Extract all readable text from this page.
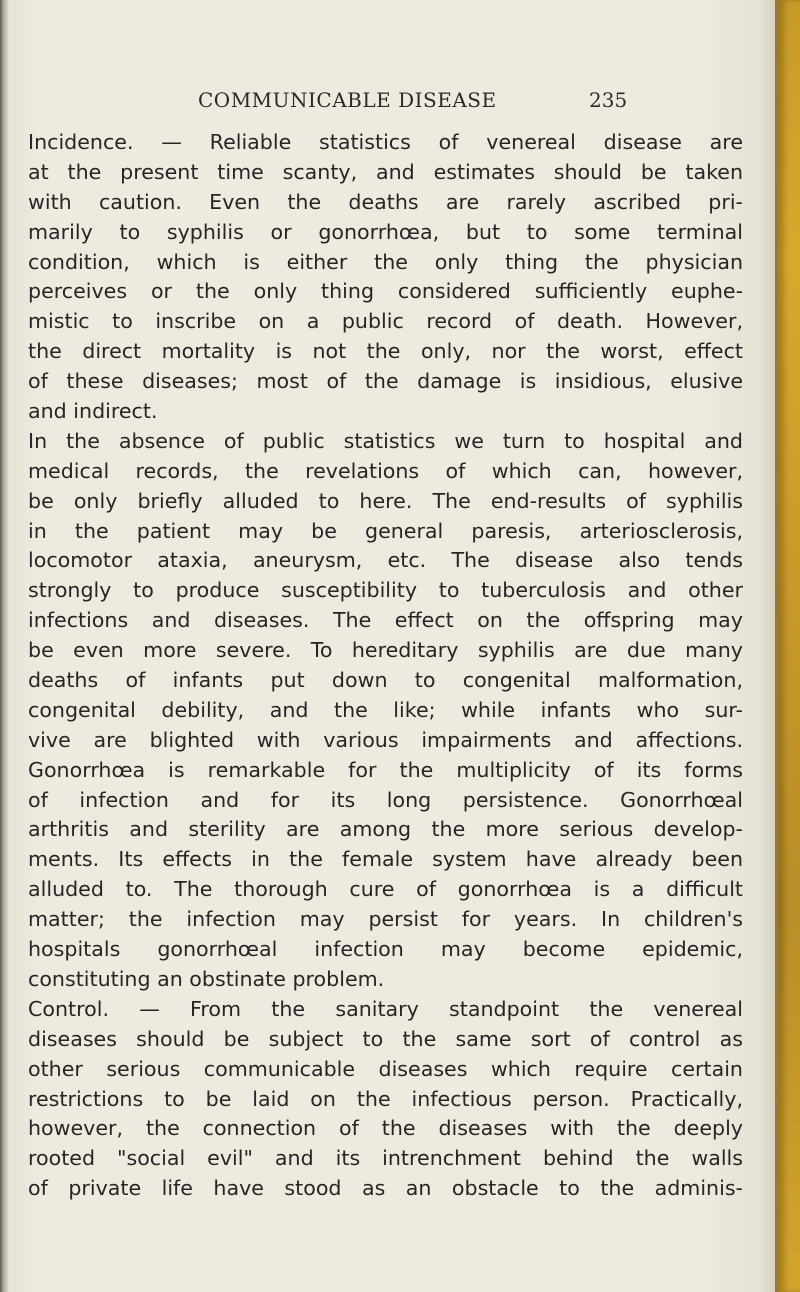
COMMUNICABLE DISEASE	235
Incidence. — Reliable statistics of venereal disease are
at the present time scanty, and estimates should be taken
with caution. Even the deaths are rarely ascribed pri-
marily to syphilis or gonorrhœa, but to some terminal
condition, which is either the only thing the physician
perceives or the only thing considered sufficiently euphe-
mistic to inscribe on a public record of death. However,
the direct mortality is not the only, nor the worst, effect
of these diseases; most of the damage is insidious, elusive
and indirect.
In the absence of public statistics we turn to hospital and
medical records, the revelations of which can, however,
be only briefly alluded to here. The end-results of syphilis
in the patient may be general paresis, arteriosclerosis,
locomotor ataxia, aneurysm, etc. The disease also tends
strongly to produce susceptibility to tuberculosis and other
infections and diseases. The effect on the offspring may
be even more severe. To hereditary syphilis are due many
deaths of infants put down to congenital malformation,
congenital debility, and the like; while infants who sur-
vive are blighted with various impairments and affections.
Gonorrhœa is remarkable for the multiplicity of its forms
of infection and for its long persistence. Gonorrhœal
arthritis and sterility are among the more serious develop-
ments. Its effects in the female system have already been
alluded to. The thorough cure of gonorrhœa is a difficult
matter; the infection may persist for years. In children's
hospitals gonorrhœal infection may become epidemic,
constituting an obstinate problem.
Control. — From the sanitary standpoint the venereal
diseases should be subject to the same sort of control as
other serious communicable diseases which require certain
restrictions to be laid on the infectious person. Practically,
however, the connection of the diseases with the deeply
rooted "social evil" and its intrenchment behind the walls
of private life have stood as an obstacle to the adminis-
